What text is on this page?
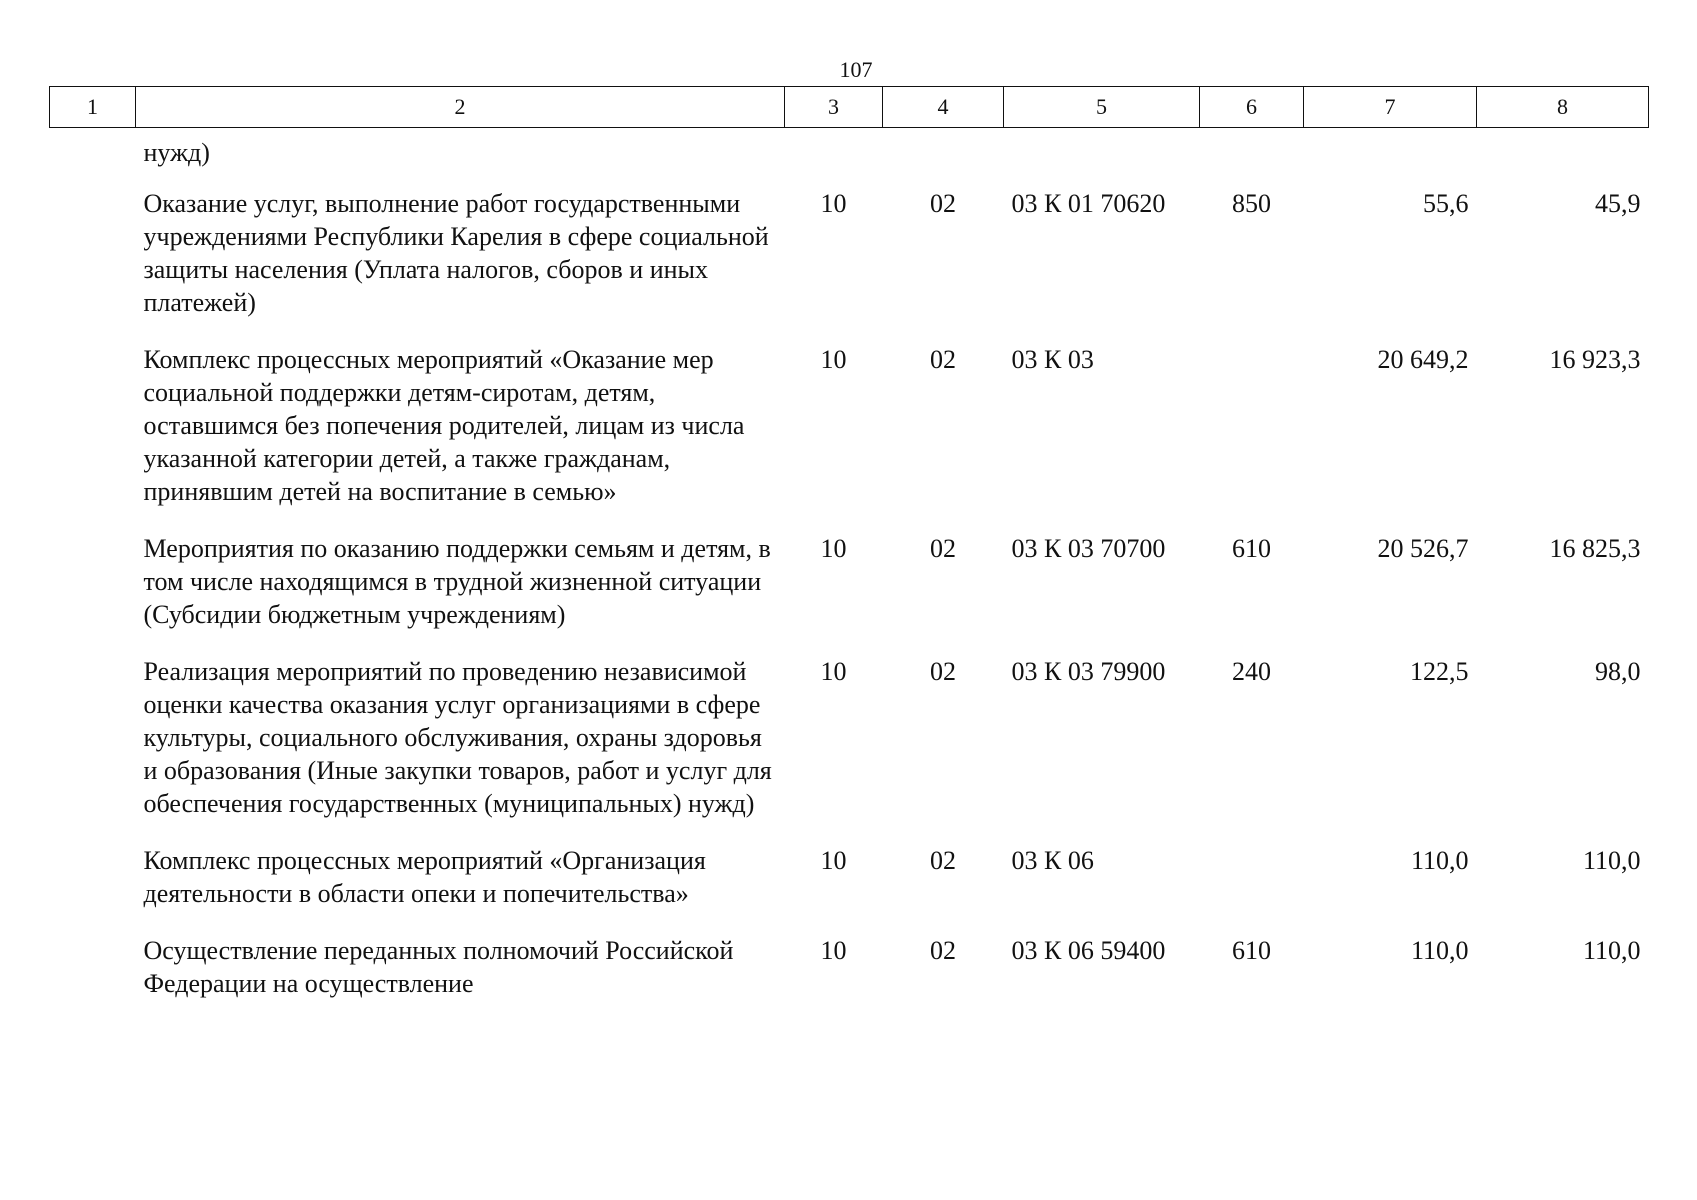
107
1	2	3	4	5	6	7	8
	нужд)						
	Оказание услуг, выполнение работ государственными учреждениями Республики Карелия в сфере социальной защиты населения (Уплата налогов, сборов и иных платежей)	10	02	03 К 01 70620	850	55,6	45,9
	Комплекс процессных мероприятий «Оказание мер социальной поддержки детям-сиротам, детям, оставшимся без попечения родителей, лицам из числа указанной категории детей, а также гражданам, принявшим детей на воспитание в семью»	10	02	03 К 03		20 649,2	16 923,3
	Мероприятия по оказанию поддержки семьям и детям, в том числе находящимся в трудной жизненной ситуации (Субсидии бюджетным учреждениям)	10	02	03 К 03 70700	610	20 526,7	16 825,3
	Реализация мероприятий по проведению независимой оценки качества оказания услуг организациями в сфере культуры, социального обслуживания, охраны здоровья и образования (Иные закупки товаров, работ и услуг для обеспечения государственных (муниципальных) нужд)	10	02	03 К 03 79900	240	122,5	98,0
	Комплекс процессных мероприятий «Организация деятельности в области опеки и попечительства»	10	02	03 К 06		110,0	110,0
	Осуществление переданных полномочий Российской Федерации на осуществление	10	02	03 К 06 59400	610	110,0	110,0
